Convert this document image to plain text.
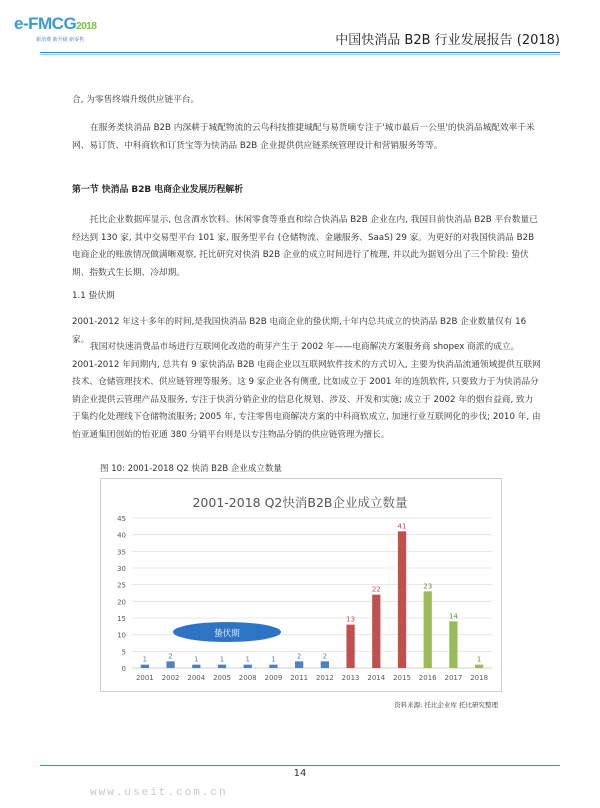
e-FMCG2018
新消费 新升级 新零售	中国快消品 B2B 行业发展报告 (2018)
合, 为零售终端升级供应链平台。
在服务类快消品 B2B 内深耕于城配物流的云鸟科技推捷城配与易货嘀专注于'城市最后一公里'的快消品城配效率千米网、易订货、中科商软和订货宝等为快消品 B2B 企业提供供应链系统管理设计和营销服务等等。
第一节 快消品 B2B 电商企业发展历程解析
托比企业数据库显示, 包含酒水饮料、休闲零食等垂直和综合快消品 B2B 企业在内, 我国目前快消品 B2B 平台数量已经达到 130 家, 其中交易型平台 101 家, 服务型平台 (仓储物流、金融服务、SaaS) 29 家。为更好的对我国快消品 B2B 电商企业的账族情况做满晰观察, 托比研究对快消 B2B 企业的成立时间进行了梳理, 并以此为据划分出了三个阶段: 蛰伏期、指数式生长期、冷却期。
1.1 蛰伏期
2001-2012 年这十多年的时间,是我国快消品 B2B 电商企业的蛰伏期,十年内总共成立的快消品 B2B 企业数量仅有 16 家。
我国对快速消费品市场进行互联网化改造的萌芽产生于 2002 年——电商解决方案服务商 shopex 商派的成立。2001-2012 年间期内, 总共有 9 家快消品 B2B 电商企业以互联网软件技术的方式切入, 主要为快消品流通领域提供互联网技术、仓储管理技术、供应链管理等服务。这 9 家企业各有侧重, 比如成立于 2001 年的连凯软件, 只要致力于为快消品分销企业提供云管理产品及服务, 专注于快消分销企业的信息化规划、涉及、开发和实施; 成立于 2002 年的烟台益商, 致力于集约化处理线下仓储物流服务; 2005 年, 专注零售电商解决方案的中科商软成立, 加速行业互联网化的步伐; 2010 年, 由怡亚通集团创始的怡亚通 380 分销平台则是以专注物品分销的供应链管理为擅长。
图 10: 2001-2018 Q2 快消 B2B 企业成立数量
2001-2018 Q2快消B2B企业成立数量
0
5
10
15
20
25
30
35
40
45
蛰伏期
1	2	1	1	1	1	2	2
13
22
41
23
14
1
2001 2002 2004 2005 2008 2009 2011 2012 2013 2014 2015 2016 2017 2018
资料来源: 托比企业库 托比研究整理
14
www.useit.com.cn
